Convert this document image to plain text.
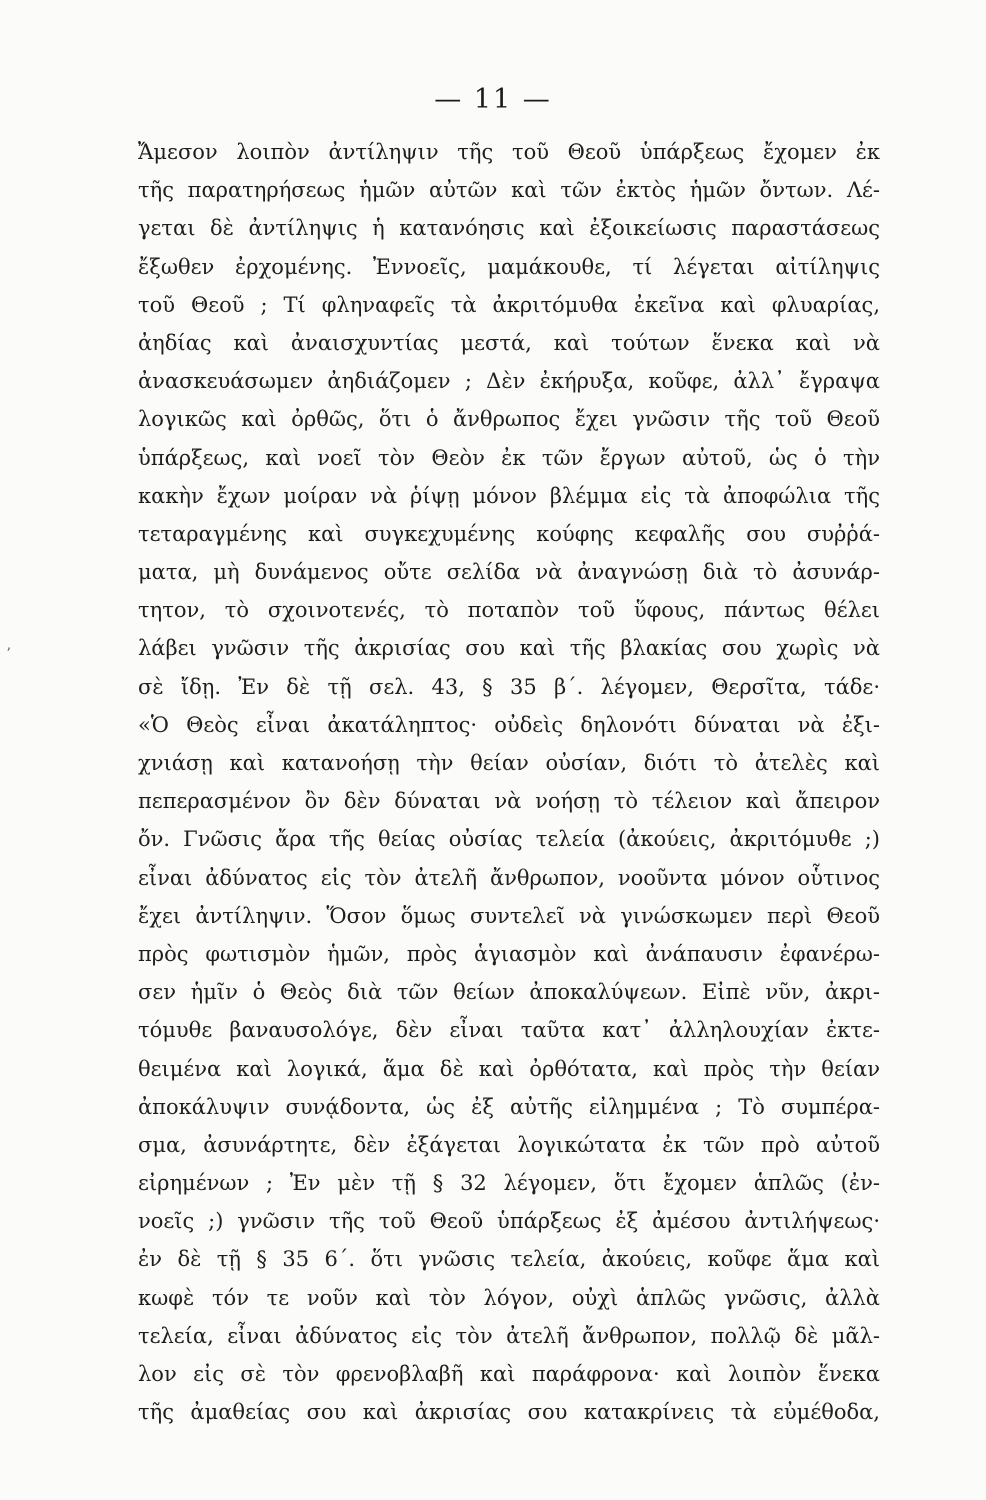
— 11 —
ʼ
Ἄμεσον λοιπὸν ἀντίληψιν τῆς τοῦ Θεοῦ ὑπάρξεως ἔχομεν ἐκ
τῆς παρατηρήσεως ἡμῶν αὐτῶν καὶ τῶν ἐκτὸς ἡμῶν ὄντων. Λέ-
γεται δὲ ἀντίληψις ἡ κατανόησις καὶ ἐξοικείωσις παραστάσεως
ἔξωθεν ἐρχομένης. Ἐννοεῖς, μαμάκουθε, τί λέγεται αἰτίληψις
τοῦ Θεοῦ ; Τί φληναφεῖς τὰ ἀκριτόμυθα ἐκεῖνα καὶ φλυαρίας,
ἀηδίας καὶ ἀναισχυντίας μεστά, καὶ τούτων ἕνεκα καὶ νὰ
ἀνασκευάσωμεν ἀηδιάζομεν ; Δὲν ἐκήρυξα, κοῦφε, ἀλλ᾽ ἔγραψα
λογικῶς καὶ ὀρθῶς, ὅτι ὁ ἄνθρωπος ἔχει γνῶσιν τῆς τοῦ Θεοῦ
ὑπάρξεως, καὶ νοεῖ τὸν Θεὸν ἐκ τῶν ἔργων αὐτοῦ, ὡς ὁ τὴν
κακὴν ἔχων μοίραν νὰ ῥίψῃ μόνον βλέμμα εἰς τὰ ἀποφώλια τῆς
τεταραγμένης καὶ συγκεχυμένης κούφης κεφαλῆς σου συῤῥά-
ματα, μὴ δυνάμενος οὔτε σελίδα νὰ ἀναγνώσῃ διὰ τὸ ἀσυνάρ-
τητον, τὸ σχοινοτενές, τὸ ποταπὸν τοῦ ὕφους, πάντως θέλει
λάβει γνῶσιν τῆς ἀκρισίας σου καὶ τῆς βλακίας σου χωρὶς νὰ
σὲ ἴδῃ. Ἐν δὲ τῇ σελ. 43, § 35 β΄. λέγομεν, Θερσῖτα, τάδε·
«Ὁ Θεὸς εἶναι ἀκατάληπτος· οὐδεὶς δηλονότι δύναται νὰ ἐξι-
χνιάσῃ καὶ κατανοήσῃ τὴν θείαν οὐσίαν, διότι τὸ ἀτελὲς καὶ
πεπερασμένον ὂν δὲν δύναται νὰ νοήσῃ τὸ τέλειον καὶ ἄπειρον
ὄν. Γνῶσις ἄρα τῆς θείας οὐσίας τελεία (ἀκούεις, ἀκριτόμυθε ;)
εἶναι ἀδύνατος εἰς τὸν ἀτελῆ ἄνθρωπον, νοοῦντα μόνον οὗτινος
ἔχει ἀντίληψιν. Ὅσον ὅμως συντελεῖ νὰ γινώσκωμεν περὶ Θεοῦ
πρὸς φωτισμὸν ἡμῶν, πρὸς ἁγιασμὸν καὶ ἀνάπαυσιν ἐφανέρω-
σεν ἡμῖν ὁ Θεὸς διὰ τῶν θείων ἀποκαλύψεων. Εἰπὲ νῦν, ἀκρι-
τόμυθε βαναυσολόγε, δὲν εἶναι ταῦτα κατ᾽ ἀλληλουχίαν ἐκτε-
θειμένα καὶ λογικά, ἅμα δὲ καὶ ὀρθότατα, καὶ πρὸς τὴν θείαν
ἀποκάλυψιν συνᾴδοντα, ὡς ἐξ αὐτῆς εἰλημμένα ; Τὸ συμπέρα-
σμα, ἀσυνάρτητε, δὲν ἐξάγεται λογικώτατα ἐκ τῶν πρὸ αὐτοῦ
εἰρημένων ; Ἐν μὲν τῇ § 32 λέγομεν, ὅτι ἔχομεν ἁπλῶς (ἐν-
νοεῖς ;) γνῶσιν τῆς τοῦ Θεοῦ ὑπάρξεως ἐξ ἀμέσου ἀντιλήψεως·
ἐν δὲ τῇ § 35 6΄. ὅτι γνῶσις τελεία, ἀκούεις, κοῦφε ἅμα καὶ
κωφὲ τόν τε νοῦν καὶ τὸν λόγον, οὐχὶ ἁπλῶς γνῶσις, ἀλλὰ
τελεία, εἶναι ἀδύνατος εἰς τὸν ἀτελῆ ἄνθρωπον, πολλῷ δὲ μᾶλ-
λον εἰς σὲ τὸν φρενοβλαβῆ καὶ παράφρονα· καὶ λοιπὸν ἕνεκα
τῆς ἀμαθείας σου καὶ ἀκρισίας σου κατακρίνεις τὰ εὐμέθοδα,
